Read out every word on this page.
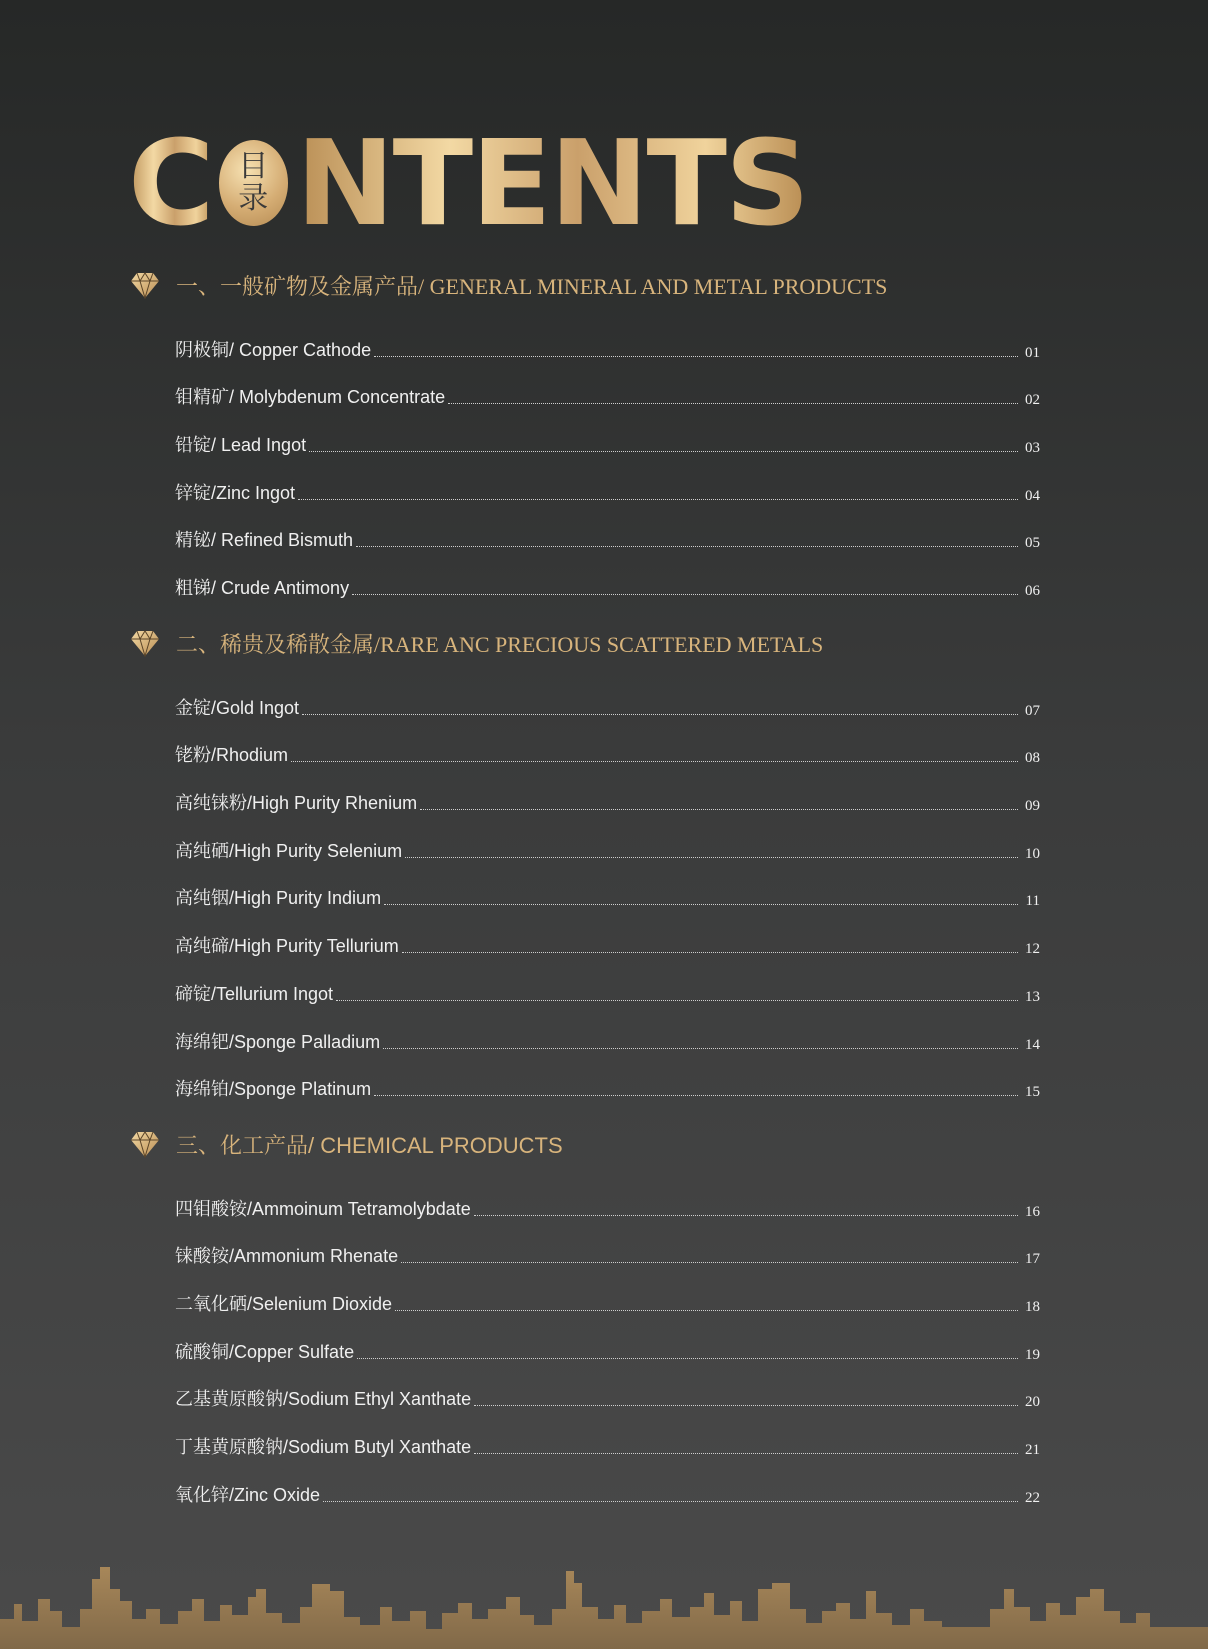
C 目
录 NTENTS
一、一般矿物及金属产品/ GENERAL MINERAL AND METAL PRODUCTS
阴极铜/ Copper Cathode	01
钼精矿/ Molybdenum Concentrate	02
铅锭/ Lead Ingot	03
锌锭/Zinc Ingot	04
精铋/ Refined Bismuth	05
粗锑/ Crude Antimony	06
二、稀贵及稀散金属/RARE ANC PRECIOUS SCATTERED METALS
金锭/Gold Ingot	07
铑粉/Rhodium	08
高纯铼粉/High Purity Rhenium	09
高纯硒/High Purity Selenium	10
高纯铟/High Purity Indium	11
高纯碲/High Purity Tellurium	12
碲锭/Tellurium Ingot	13
海绵钯/Sponge Palladium	14
海绵铂/Sponge Platinum	15
三、化工产品/ CHEMICAL PRODUCTS
四钼酸铵/Ammoinum Tetramolybdate	16
铼酸铵/Ammonium Rhenate	17
二氧化硒/Selenium Dioxide	18
硫酸铜/Copper Sulfate	19
乙基黄原酸钠/Sodium Ethyl Xanthate	20
丁基黄原酸钠/Sodium Butyl Xanthate	21
氧化锌/Zinc Oxide	22
